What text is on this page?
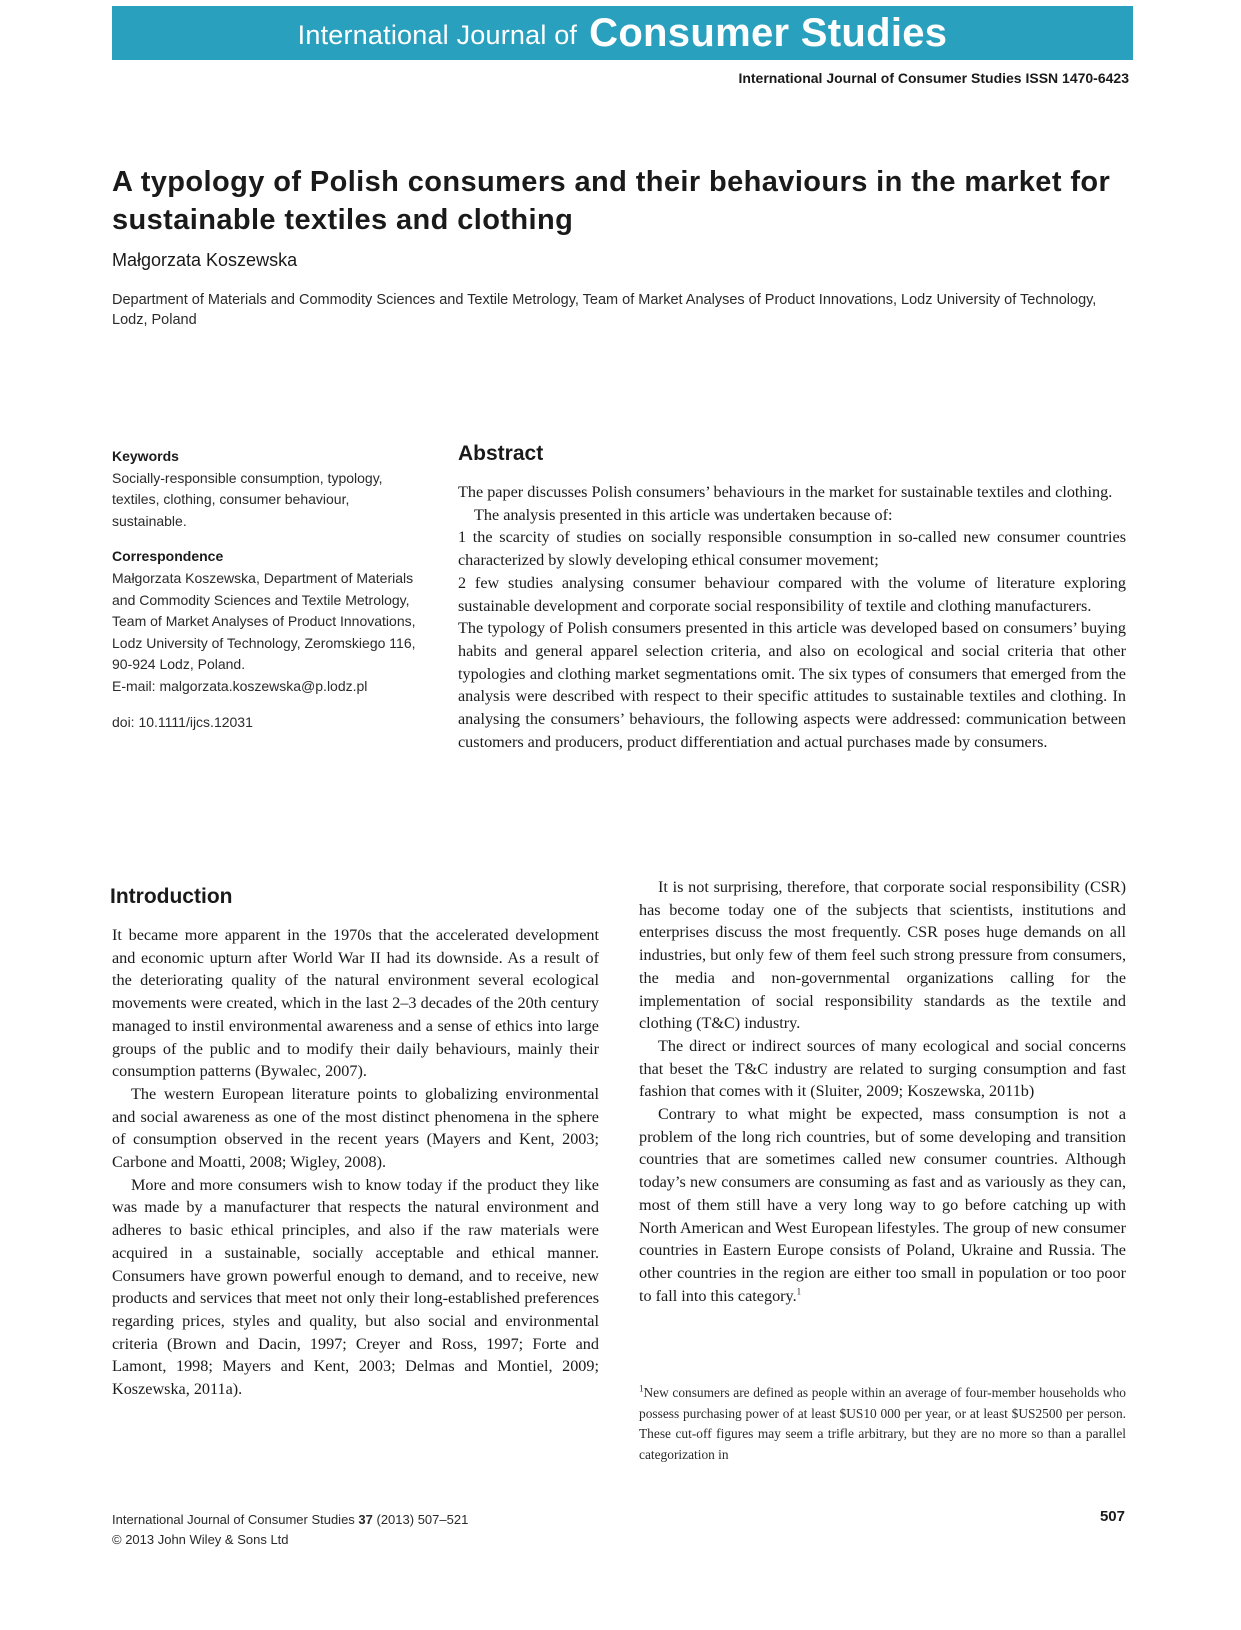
International Journal of Consumer Studies
International Journal of Consumer Studies ISSN 1470-6423
A typology of Polish consumers and their behaviours in the market for sustainable textiles and clothing
Małgorzata Koszewska
Department of Materials and Commodity Sciences and Textile Metrology, Team of Market Analyses of Product Innovations, Lodz University of Technology, Lodz, Poland

Keywords

Socially-responsible consumption, typology, textiles, clothing, consumer behaviour, sustainable.

Correspondence

Małgorzata Koszewska, Department of Materials and Commodity Sciences and Textile Metrology, Team of Market Analyses of Product Innovations, Lodz University of Technology, Zeromskiego 116, 90-924 Lodz, Poland.

E-mail: malgorzata.koszewska@p.lodz.pl

doi: 10.1111/ijcs.12031

Abstract

The paper discusses Polish consumers’ behaviours in the market for sustainable textiles and clothing.

The analysis presented in this article was undertaken because of:

1 the scarcity of studies on socially responsible consumption in so-called new consumer countries characterized by slowly developing ethical consumer movement;

2 few studies analysing consumer behaviour compared with the volume of literature exploring sustainable development and corporate social responsibility of textile and clothing manufacturers.

The typology of Polish consumers presented in this article was developed based on consumers’ buying habits and general apparel selection criteria, and also on ecological and social criteria that other typologies and clothing market segmentations omit. The six types of consumers that emerged from the analysis were described with respect to their specific attitudes to sustainable textiles and clothing. In analysing the consumers’ behaviours, the following aspects were addressed: communication between customers and producers, product differentiation and actual purchases made by consumers.

Introduction

It became more apparent in the 1970s that the accelerated development and economic upturn after World War II had its downside. As a result of the deteriorating quality of the natural environment several ecological movements were created, which in the last 2–3 decades of the 20th century managed to instil environmental awareness and a sense of ethics into large groups of the public and to modify their daily behaviours, mainly their consumption patterns (Bywalec, 2007).

The western European literature points to globalizing environmental and social awareness as one of the most distinct phenomena in the sphere of consumption observed in the recent years (Mayers and Kent, 2003; Carbone and Moatti, 2008; Wigley, 2008).

More and more consumers wish to know today if the product they like was made by a manufacturer that respects the natural environment and adheres to basic ethical principles, and also if the raw materials were acquired in a sustainable, socially acceptable and ethical manner. Consumers have grown powerful enough to demand, and to receive, new products and services that meet not only their long-established preferences regarding prices, styles and quality, but also social and environmental criteria (Brown and Dacin, 1997; Creyer and Ross, 1997; Forte and Lamont, 1998; Mayers and Kent, 2003; Delmas and Montiel, 2009; Koszewska, 2011a).

It is not surprising, therefore, that corporate social responsibility (CSR) has become today one of the subjects that scientists, institutions and enterprises discuss the most frequently. CSR poses huge demands on all industries, but only few of them feel such strong pressure from consumers, the media and non-governmental organizations calling for the implementation of social responsibility standards as the textile and clothing (T&C) industry.

The direct or indirect sources of many ecological and social concerns that beset the T&C industry are related to surging consumption and fast fashion that comes with it (Sluiter, 2009; Koszewska, 2011b)

Contrary to what might be expected, mass consumption is not a problem of the long rich countries, but of some developing and transition countries that are sometimes called new consumer countries. Although today’s new consumers are consuming as fast and as variously as they can, most of them still have a very long way to go before catching up with North American and West European lifestyles. The group of new consumer countries in Eastern Europe consists of Poland, Ukraine and Russia. The other countries in the region are either too small in population or too poor to fall into this category.$^1$

$^1$New consumers are defined as people within an average of four-member households who possess purchasing power of at least $US10 000 per year, or at least $US2500 per person. These cut-off figures may seem a trifle arbitrary, but they are no more so than a parallel categorization in

International Journal of Consumer Studies 37 (2013) 507–521

© 2013 John Wiley & Sons Ltd

507
